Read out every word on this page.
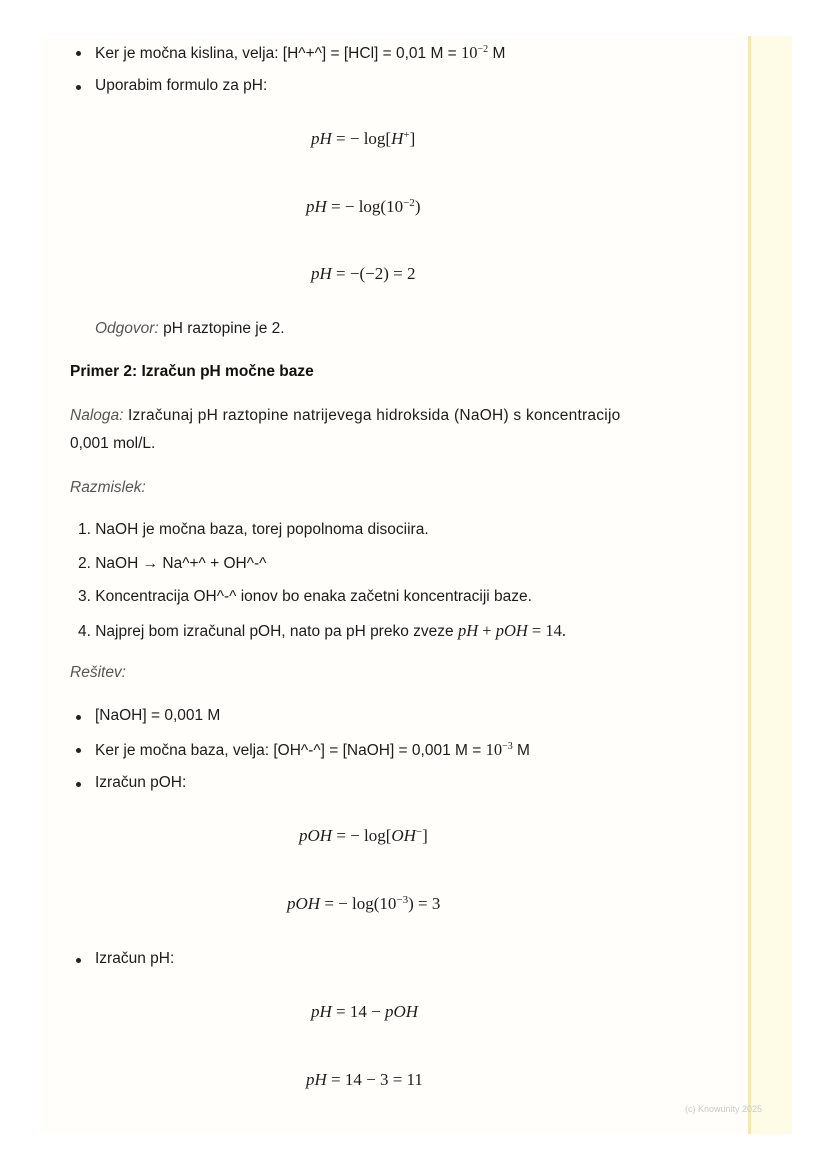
Ker je močna kislina, velja: [H^+^] = [HCl] = 0,01 $M = 10^{-2}$ M
Uporabim formulo za pH:
pH = − log[H+]
pH = − $\log(10^{-2})$
pH = −(−2) = 2
Odgovor: pH raztopine je 2.
Primer 2: Izračun pH močne baze
Naloga: Izračunaj pH raztopine natrijevega hidroksida (NaOH) s koncentracijo
0,001 mol/L.
Razmislek:
1. NaOH je močna baza, torej popolnoma disociira.
2. NaOH → Na^+^ + OH^-^
3. Koncentracija OH^-^ ionov bo enaka začetni koncentraciji baze.
4. Najprej bom izračunal pOH, nato pa pH preko zveze pH + pOH = 14.
Rešitev:
[NaOH] = 0,001 M
Ker je močna baza, velja: [OH^-^] = [NaOH] = 0,001 $M = 10^{-3}$ M
Izračun pOH:
pOH = − log[OH−]
pOH = − $\log(10^{-3}) = 3$
Izračun pH:
pH = 14 − pOH
pH = 14 − 3 = 11
(c) Knowunity 2025
